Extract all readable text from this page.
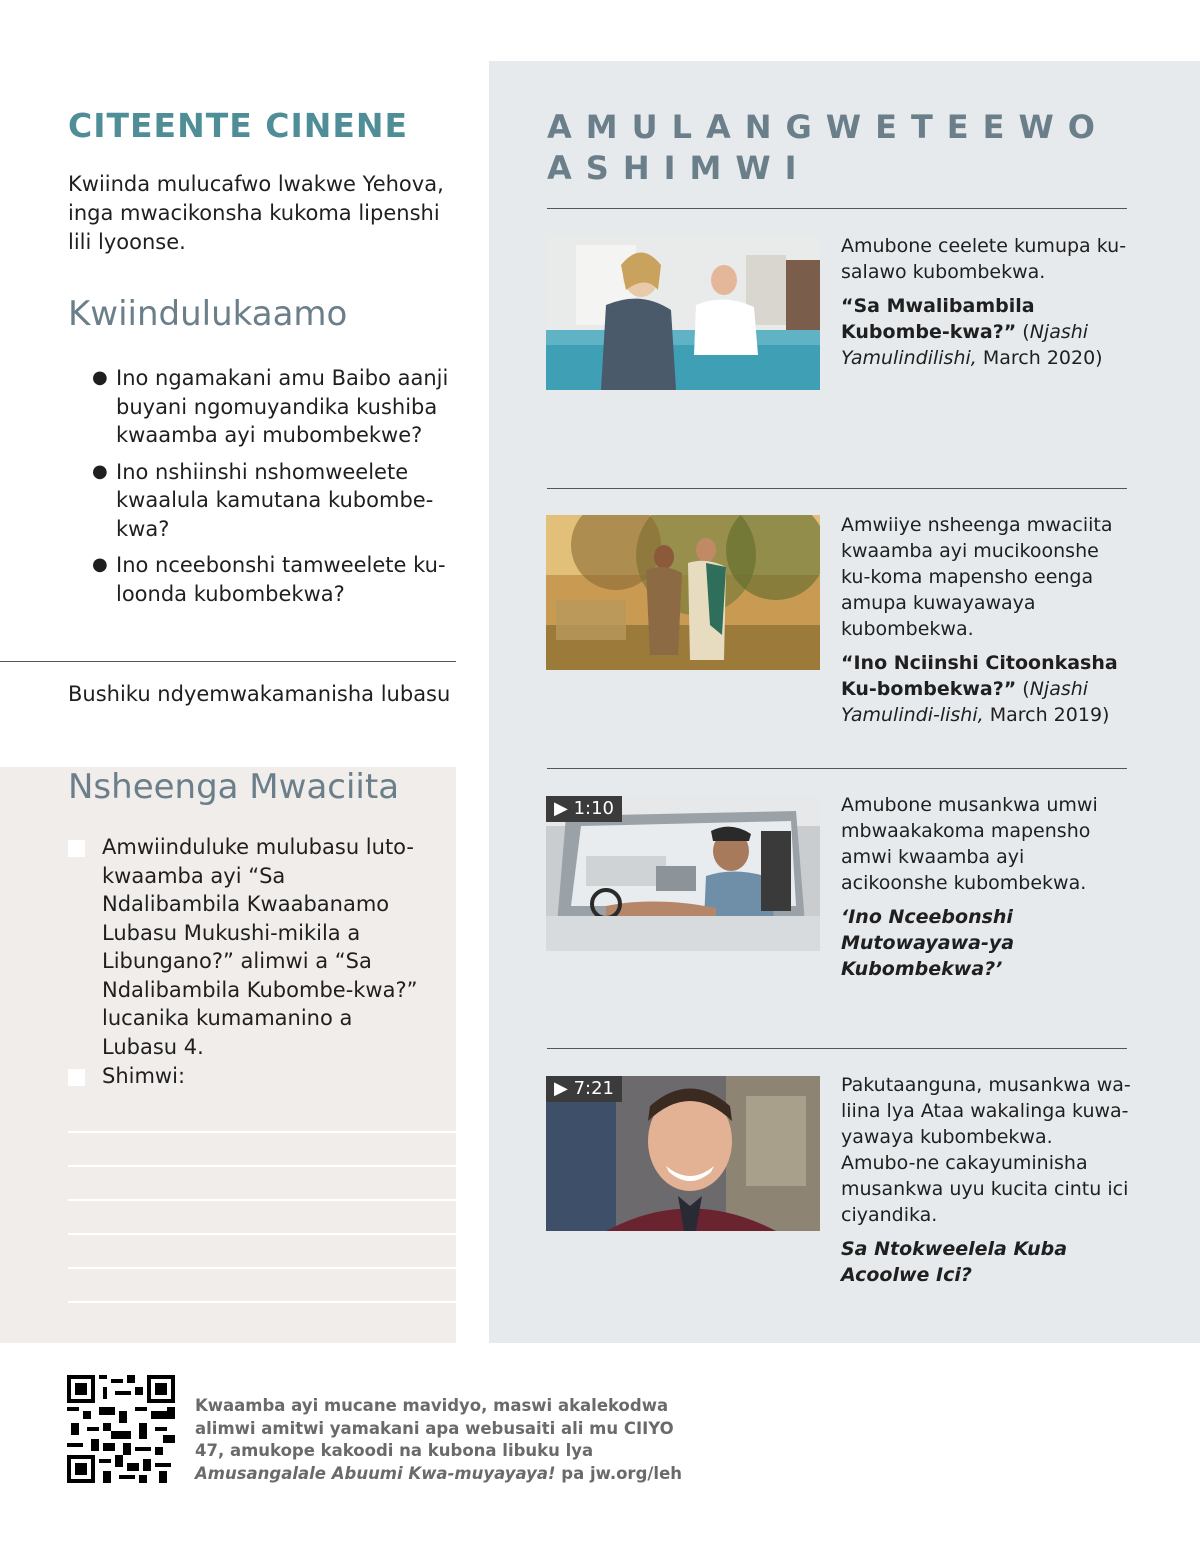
CITEENTE CINENE
Kwiinda mulucafwo lwakwe Yehova, inga mwacikonsha kukoma lipenshi lili lyoonse.
Kwiindulukaamo
● Ino ngamakani amu Baibo aanji buyani ngomuyandika kushiba kwaamba ayi mubombekwe?
● Ino nshiinshi nshomweelete kwaalula kamutana kubombe-kwa?
● Ino nceebonshi tamweelete ku-loonda kubombekwa?
Bushiku ndyemwakamanisha lubasu
Nsheenga Mwaciita
Amwiinduluke mulubasu luto-kwaamba ayi “Sa Ndalibambila Kwaabanamo Lubasu Mukushi-mikila a Libungano?” alimwi a “Sa Ndalibambila Kubombe-kwa?” lucanika kumamanino a Lubasu 4.
Shimwi:
AMULANGWETEEWO ASHIMWI
Amubone ceelete kumupa ku-salawo kubombekwa.
“Sa Mwalibambila Kubombe-kwa?” (Njashi Yamulindilishi, March 2020)
Amwiiye nsheenga mwaciita kwaamba ayi mucikoonshe ku-koma mapensho eenga amupa kuwayawaya kubombekwa.
“Ino Nciinshi Citoonkasha Ku-bombekwa?” (Njashi Yamulindi-lishi, March 2019)
▶ 1:10	Amubone musankwa umwi mbwaakakoma mapensho amwi kwaamba ayi acikoonshe kubombekwa.
‘Ino Nceebonshi Mutowayawa-ya Kubombekwa?’
▶ 7:21	Pakutaanguna, musankwa wa-liina lya Ataa wakalinga kuwa-yawaya kubombekwa. Amubo-ne cakayuminisha musankwa uyu kucita cintu ici ciyandika.
Sa Ntokweelela Kuba Acoolwe Ici?
Kwaamba ayi mucane mavidyo, maswi akalekodwa alimwi amitwi yamakani apa webusaiti ali mu CIIYO 47, amukope kakoodi na kubona libuku lya Amusangalale Abuumi Kwa-muyayaya! pa jw.org/leh
